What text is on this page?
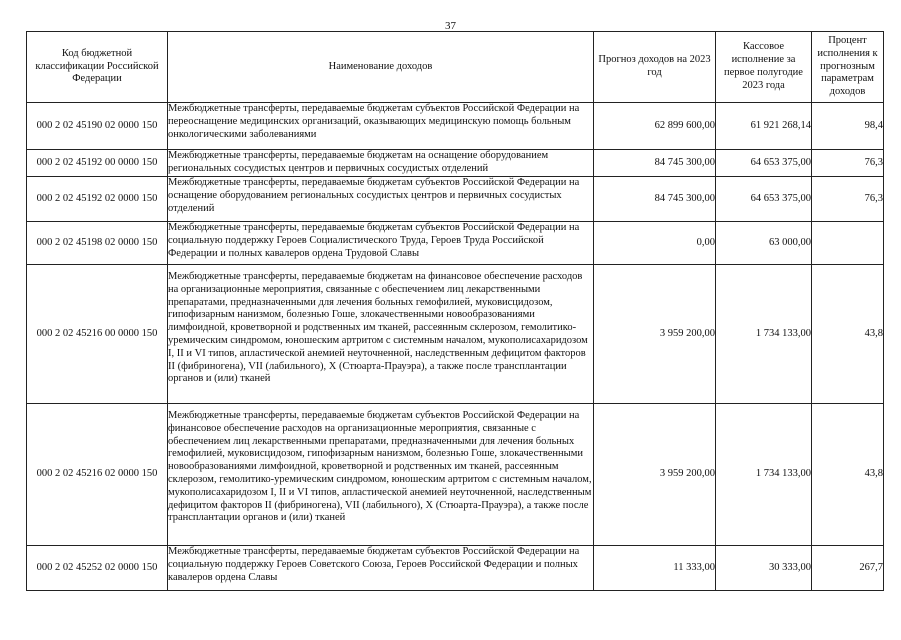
37
Код бюджетной классификации Российской Федерации	Наименование доходов	Прогноз доходов на 2023 год	Кассовое исполнение за первое полугодие 2023 года	Процент исполнения к прогнозным параметрам доходов
000 2 02 45190 02 0000 150	Межбюджетные трансферты, передаваемые бюджетам субъектов Российской Федерации на переоснащение медицинских организаций, оказывающих медицинскую помощь больным онкологическими заболеваниями	62 899 600,00	61 921 268,14	98,4
000 2 02 45192 00 0000 150	Межбюджетные трансферты, передаваемые бюджетам на оснащение оборудованием региональных сосудистых центров и первичных сосудистых отделений	84 745 300,00	64 653 375,00	76,3
000 2 02 45192 02 0000 150	Межбюджетные трансферты, передаваемые бюджетам субъектов Российской Федерации на оснащение оборудованием региональных сосудистых центров и первичных сосудистых отделений	84 745 300,00	64 653 375,00	76,3
000 2 02 45198 02 0000 150	Межбюджетные трансферты, передаваемые бюджетам субъектов Российской Федерации на социальную поддержку Героев Социалистического Труда, Героев Труда Российской Федерации и полных кавалеров ордена Трудовой Славы	0,00	63 000,00	
000 2 02 45216 00 0000 150	Межбюджетные трансферты, передаваемые бюджетам на финансовое обеспечение расходов на организационные мероприятия, связанные с обеспечением лиц лекарственными препаратами, предназначенными для лечения больных гемофилией, муковисцидозом, гипофизарным нанизмом, болезнью Гоше, злокачественными новообразованиями лимфоидной, кроветворной и родственных им тканей, рассеянным склерозом, гемолитико-уремическим синдромом, юношеским артритом с системным началом, мукополисахаридозом I, II и VI типов, апластической анемией неуточненной, наследственным дефицитом факторов II (фибриногена), VII (лабильного), X (Стюарта-Прауэра), а также после трансплантации органов и (или) тканей	3 959 200,00	1 734 133,00	43,8
000 2 02 45216 02 0000 150	Межбюджетные трансферты, передаваемые бюджетам субъектов Российской Федерации на финансовое обеспечение расходов на организационные мероприятия, связанные с обеспечением лиц лекарственными препаратами, предназначенными для лечения больных гемофилией, муковисцидозом, гипофизарным нанизмом, болезнью Гоше, злокачественными новообразованиями лимфоидной, кроветворной и родственных им тканей, рассеянным склерозом, гемолитико-уремическим синдромом, юношеским артритом с системным началом, мукополисахаридозом I, II и VI типов, апластической анемией неуточненной, наследственным дефицитом факторов II (фибриногена), VII (лабильного), X (Стюарта-Прауэра), а также после трансплантации органов и (или) тканей	3 959 200,00	1 734 133,00	43,8
000 2 02 45252 02 0000 150	Межбюджетные трансферты, передаваемые бюджетам субъектов Российской Федерации на социальную поддержку Героев Советского Союза, Героев Российской Федерации и полных кавалеров ордена Славы	11 333,00	30 333,00	267,7
